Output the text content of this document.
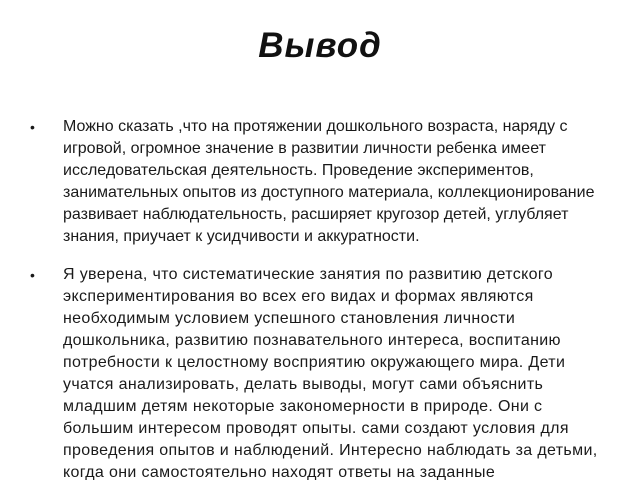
Вывод
•	Можно сказать ,что на протяжении дошкольного возраста, наряду с игровой, огромное значение в развитии личности ребенка имеет исследовательская деятельность. Проведение экспериментов, занимательных опытов из доступного материала, коллекционирование развивает наблюдательность, расширяет кругозор детей, углубляет знания, приучает к усидчивости и аккуратности.
•	Я уверена, что систематические занятия по развитию детского экспериментирования во всех его видах и формах являются необходимым условием успешного становления личности дошкольника, развитию познавательного интереса, воспитанию потребности к целостному восприятию окружающего мира. Дети учатся анализировать, делать выводы, могут сами объяснить младшим детям некоторые закономерности в природе. Они с большим интересом проводят опыты. сами создают условия для проведения опытов и наблюдений. Интересно наблюдать за детьми, когда они самостоятельно находят ответы на заданные
